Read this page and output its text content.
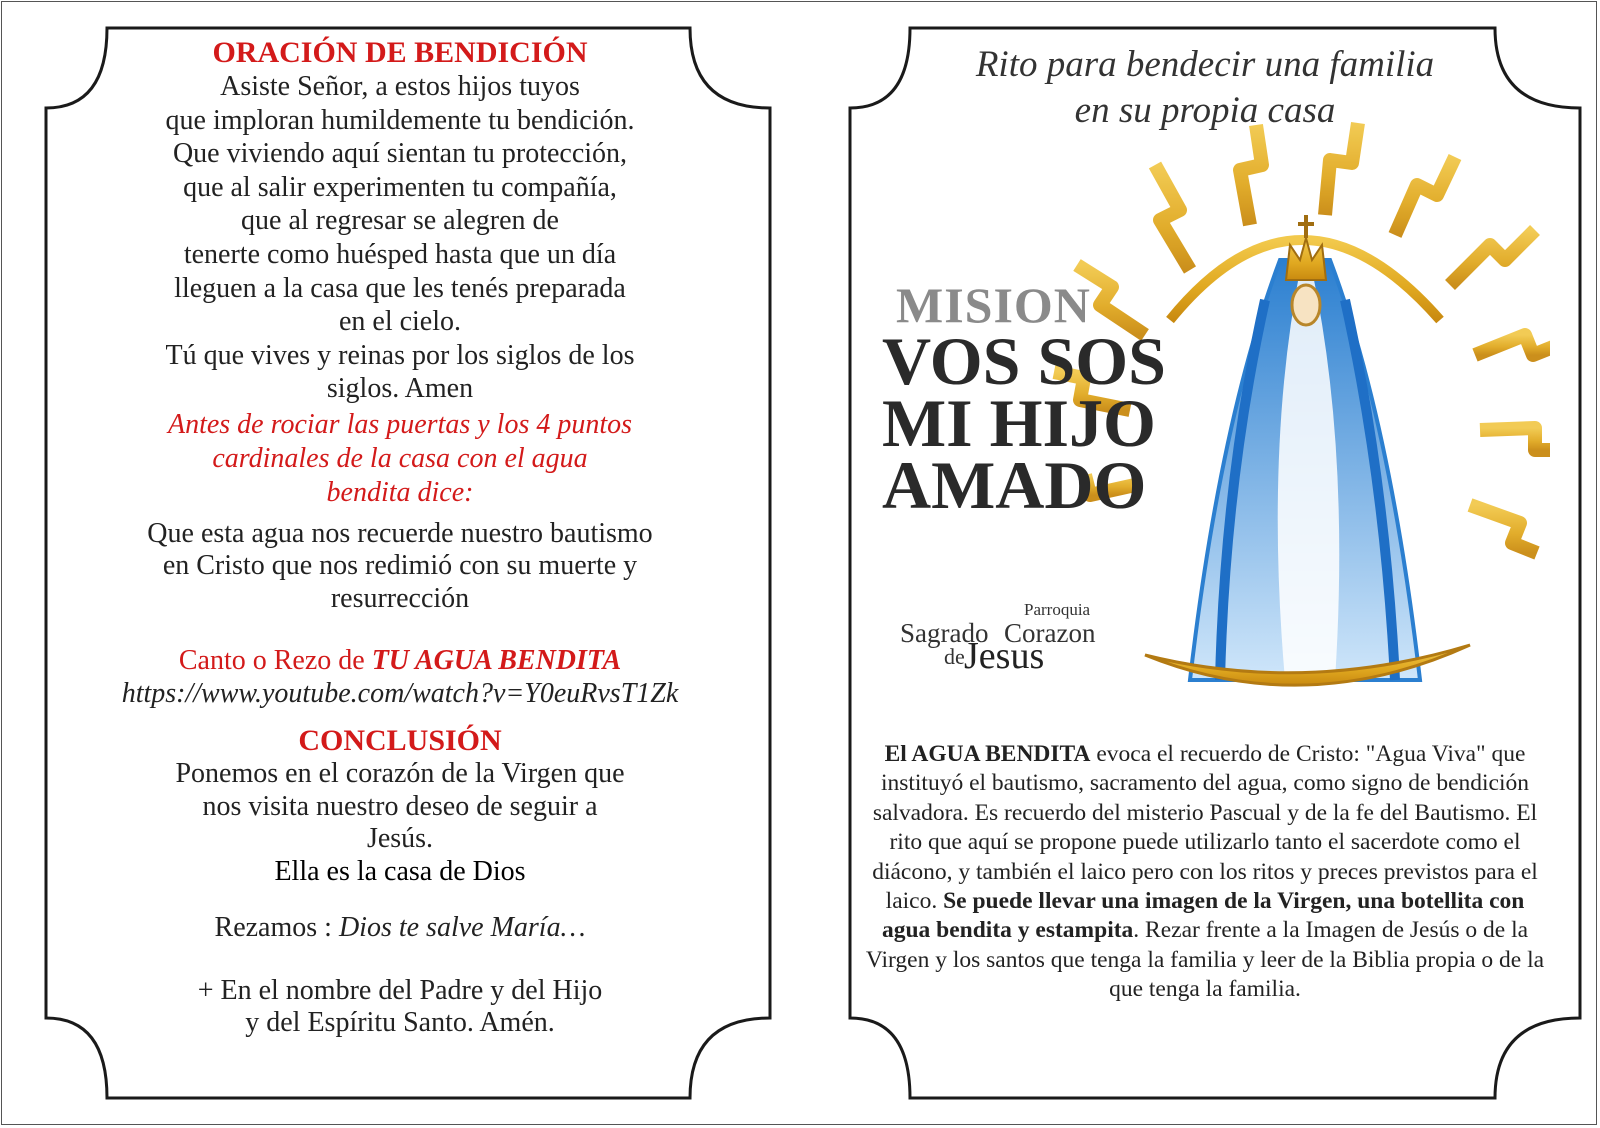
ORACIÓN DE BENDICIÓN

Asiste Señor, a estos hijos tuyos

que imploran humildemente tu bendición.

Que viviendo aquí sientan tu protección,

que al salir experimenten tu compañía,

que al regresar se alegren de

tenerte como huésped hasta que un día

lleguen a la casa que les tenés preparada

en el cielo.

Tú que vives y reinas por los siglos de los

siglos. Amen

Antes de rociar las puertas y los 4 puntos

cardinales de la casa con el agua

bendita dice:

Que esta agua nos recuerde nuestro bautismo

en Cristo que nos redimió con su muerte y

resurrección

Canto o Rezo de TU AGUA BENDITA

https://www.youtube.com/watch?v=Y0euRvsT1Zk

CONCLUSIÓN

Ponemos en el corazón de la Virgen que

nos visita nuestro deseo de seguir a

Jesús.

Ella es la casa de Dios

Rezamos : Dios te salve María…

+ En el nombre del Padre y del Hijo

y del Espíritu Santo. Amén.

Rito para bendecir una familia
en su propia casa
MISION
VOS SOS
MI HIJO
AMADO
Parroquia
Sagrado Corazon
de Jesus
El AGUA BENDITA evoca el recuerdo de Cristo: "Agua Viva" que instituyó el bautismo, sacramento del agua, como signo de bendición salvadora. Es recuerdo del misterio Pascual y de la fe del Bautismo. El rito que aquí se propone puede utilizarlo tanto el sacerdote como el diácono, y también el laico pero con los ritos y preces previstos para el laico. Se puede llevar una imagen de la Virgen, una botellita con agua bendita y estampita. Rezar frente a la Imagen de Jesús o de la Virgen y los santos que tenga la familia y leer de la Biblia propia o de la que tenga la familia.
